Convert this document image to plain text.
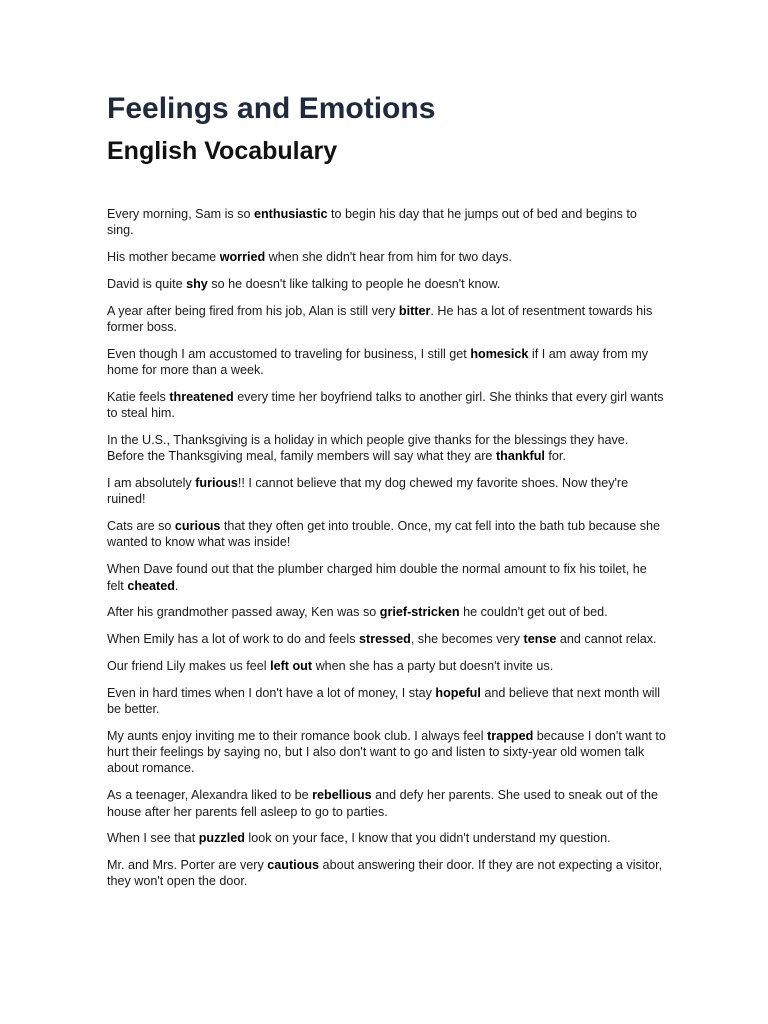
Feelings and Emotions
English Vocabulary

Every morning, Sam is so enthusiastic to begin his day that he jumps out of bed and begins to sing.

His mother became worried when she didn't hear from him for two days.

David is quite shy so he doesn't like talking to people he doesn't know.

A year after being fired from his job, Alan is still very bitter. He has a lot of resentment towards his former boss.

Even though I am accustomed to traveling for business, I still get homesick if I am away from my home for more than a week.

Katie feels threatened every time her boyfriend talks to another girl. She thinks that every girl wants to steal him.

In the U.S., Thanksgiving is a holiday in which people give thanks for the blessings they have. Before the Thanksgiving meal, family members will say what they are thankful for.

I am absolutely furious!! I cannot believe that my dog chewed my favorite shoes. Now they're ruined!

Cats are so curious that they often get into trouble. Once, my cat fell into the bath tub because she wanted to know what was inside!

When Dave found out that the plumber charged him double the normal amount to fix his toilet, he felt cheated.

After his grandmother passed away, Ken was so grief-stricken he couldn't get out of bed.

When Emily has a lot of work to do and feels stressed, she becomes very tense and cannot relax.

Our friend Lily makes us feel left out when she has a party but doesn't invite us.

Even in hard times when I don't have a lot of money, I stay hopeful and believe that next month will be better.

My aunts enjoy inviting me to their romance book club. I always feel trapped because I don't want to hurt their feelings by saying no, but I also don't want to go and listen to sixty-year old women talk about romance.

As a teenager, Alexandra liked to be rebellious and defy her parents. She used to sneak out of the house after her parents fell asleep to go to parties.

When I see that puzzled look on your face, I know that you didn't understand my question.

Mr. and Mrs. Porter are very cautious about answering their door. If they are not expecting a visitor, they won't open the door.
